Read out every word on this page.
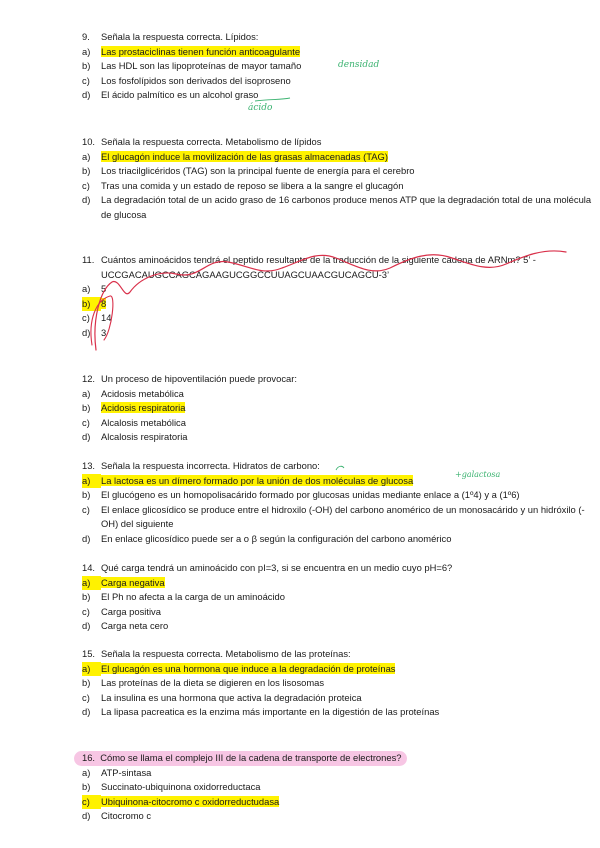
9.	Señala la respuesta correcta. Lípidos:
a)	Las prostaciclinas tienen función anticoagulante
b)	Las HDL son las lipoproteínas de mayor tamaño
c)	Los fosfolípidos son derivados del isoproseno
d)	El ácido palmítico es un alcohol graso
10. Señala la respuesta correcta. Metabolismo de lípidos
a)	El glucagón induce la movilización de las grasas almacenadas (TAG)
b)	Los triacilglicéridos (TAG) son la principal fuente de energía para el cerebro
c)	Tras una comida y un estado de reposo se libera a la sangre el glucagón
d)	La degradación total de un acido graso de 16 carbonos produce menos ATP que la degradación total de una molécula de glucosa
11. Cuántos aminoácidos tendrá el peptido resultante de la traducción de la siguiente cadena de ARNm? 5’ - UCCGACAUGCCAGCAGAAGUCGGCCUUAGCUAACGUCAGCU-3’
a)	5
b)	8
c)	14
d)	3
12. Un proceso de hipoventilación puede provocar:
a)	Acidosis metabólica
b)	Acidosis respiratoria
c)	Alcalosis metabólica
d)	Alcalosis respiratoria
13. Señala la respuesta incorrecta. Hidratos de carbono:
a)	La lactosa es un dímero formado por la unión de dos moléculas de glucosa
b)	El glucógeno es un homopolisacárido formado por glucosas unidas mediante enlace a (1º4) y a (1º6)
c)	El enlace glicosídico se produce entre el hidroxilo (-OH) del carbono anomérico de un monosacárido y un hidróxilo (-OH) del siguiente
d)	En enlace glicosídico puede ser a o β según la configuración del carbono anomérico
14. Qué carga tendrá un aminoácido con pI=3, si se encuentra en un medio cuyo pH=6?
a)	Carga negativa
b)	El Ph no afecta a la carga de un aminoácido
c)	Carga positiva
d)	Carga neta cero
15. Señala la respuesta correcta. Metabolismo de las proteínas:
a)	El glucagón es una hormona que induce a la degradación de proteínas
b)	Las proteínas de la dieta se digieren en los lisosomas
c)	La insulina es una hormona que activa la degradación proteica
d)	La lipasa pacreatica es la enzima más importante en la digestión de las proteínas
16. Cómo se llama el complejo III de la cadena de transporte de electrones?
a)	ATP-sintasa
b)	Succinato-ubiquinona oxidorreductaca
c)	Ubiquinona-citocromo c oxidorreductudasa
d)	Citocromo c
densidad
ácido
+galactosa
